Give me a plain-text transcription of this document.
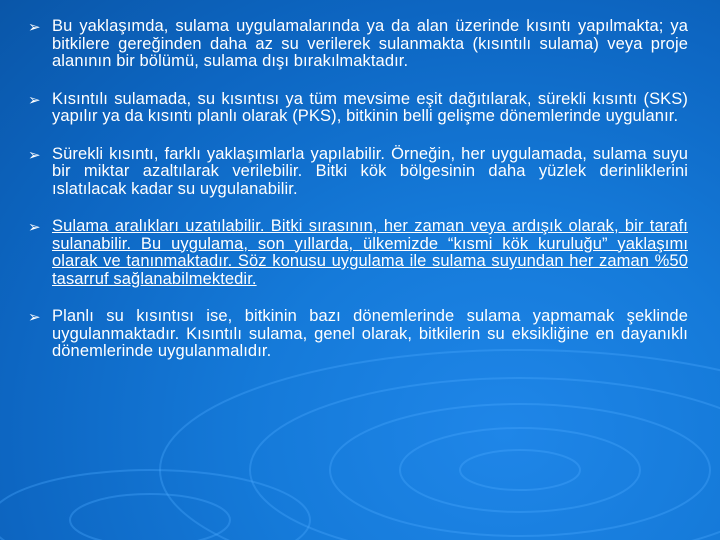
➢ Bu yaklaşımda, sulama uygulamalarında ya da alan üzerinde kısıntı yapılmakta; ya bitkilere gereğinden daha az su verilerek sulanmakta (kısıntılı sulama) veya proje alanının bir bölümü, sulama dışı bırakılmaktadır.
➢ Kısıntılı sulamada, su kısıntısı ya tüm mevsime eşit dağıtılarak, sürekli kısıntı (SKS) yapılır ya da kısıntı planlı olarak (PKS), bitkinin belli gelişme dönemlerinde uygulanır.
➢ Sürekli kısıntı, farklı yaklaşımlarla yapılabilir. Örneğin, her uygulamada, sulama suyu bir miktar azaltılarak verilebilir. Bitki kök bölgesinin daha yüzlek derinliklerini ıslatılacak kadar su uygulanabilir.
➢ Sulama aralıkları uzatılabilir. Bitki sırasının, her zaman veya ardışık olarak, bir tarafı sulanabilir. Bu uygulama, son yıllarda, ülkemizde “kısmi kök kuruluğu” yaklaşımı olarak ve tanınmaktadır. Söz konusu uygulama ile sulama suyundan her zaman %50 tasarruf sağlanabilmektedir.
➢ Planlı su kısıntısı ise, bitkinin bazı dönemlerinde sulama yapmamak şeklinde uygulanmaktadır. Kısıntılı sulama, genel olarak, bitkilerin su eksikliğine en dayanıklı dönemlerinde uygulanmalıdır.
